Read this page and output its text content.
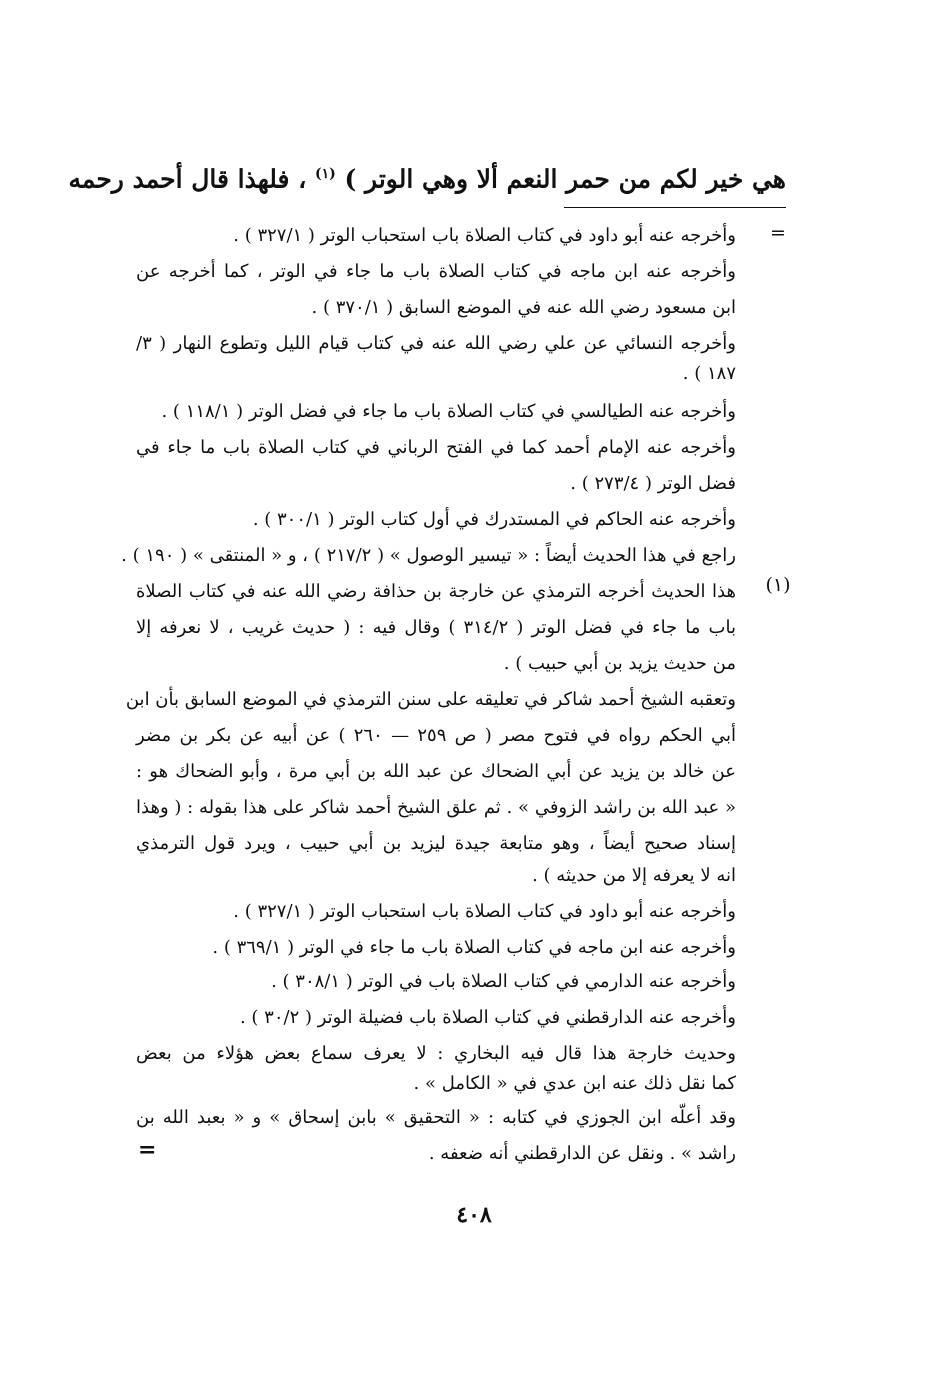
هي خير لكم من حمر النعم ألا وهي الوتر ) $^{(١)}$ ، فلهذا قال أحمد رحمه
=
وأخرجه عنه أبو داود في كتاب الصلاة باب استحباب الوتر ( ٣٢٧/١ ) .
وأخرجه عنه ابن ماجه في كتاب الصلاة باب ما جاء في الوتر ، كما أخرجه عن
ابن مسعود رضي الله عنه في الموضع السابق ( ٣٧٠/١ ) .
وأخرجه النسائي عن علي رضي الله عنه في كتاب قيام الليل وتطوع النهار ( ٣/
١٨٧ ) .
وأخرجه عنه الطيالسي في كتاب الصلاة باب ما جاء في فضل الوتر ( ١١٨/١ ) .
وأخرجه عنه الإمام أحمد كما في الفتح الرباني في كتاب الصلاة باب ما جاء في
فضل الوتر ( ٢٧٣/٤ ) .
وأخرجه عنه الحاكم في المستدرك في أول كتاب الوتر ( ٣٠٠/١ ) .
راجع في هذا الحديث أيضاً : « تيسير الوصول » ( ٢١٧/٢ ) ، و « المنتقى » ( ١٩٠ ) .
(١)
هذا الحديث أخرجه الترمذي عن خارجة بن حذافة رضي الله عنه في كتاب الصلاة
باب ما جاء في فضل الوتر ( ٣١٤/٢ ) وقال فيه : ( حديث غريب ، لا نعرفه إلا
من حديث يزيد بن أبي حبيب ) .
وتعقبه الشيخ أحمد شاكر في تعليقه على سنن الترمذي في الموضع السابق بأن ابن
أبي الحكم رواه في فتوح مصر ( ص ٢٥٩ — ٢٦٠ ) عن أبيه عن بكر بن مضر
عن خالد بن يزيد عن أبي الضحاك عن عبد الله بن أبي مرة ، وأبو الضحاك هو :
« عبد الله بن راشد الزوفي » . ثم علق الشيخ أحمد شاكر على هذا بقوله : ( وهذا
إسناد صحيح أيضاً ، وهو متابعة جيدة ليزيد بن أبي حبيب ، ويرد قول الترمذي
انه لا يعرفه إلا من حديثه ) .
وأخرجه عنه أبو داود في كتاب الصلاة باب استحباب الوتر ( ٣٢٧/١ ) .
وأخرجه عنه ابن ماجه في كتاب الصلاة باب ما جاء في الوتر ( ٣٦٩/١ ) .
وأخرجه عنه الدارمي في كتاب الصلاة باب في الوتر ( ٣٠٨/١ ) .
وأخرجه عنه الدارقطني في كتاب الصلاة باب فضيلة الوتر ( ٣٠/٢ ) .
وحديث خارجة هذا قال فيه البخاري : لا يعرف سماع بعض هؤلاء من بعض
كما نقل ذلك عنه ابن عدي في « الكامل » .
وقد أعلّه ابن الجوزي في كتابه : « التحقيق » بابن إسحاق » و « بعبد الله بن
راشد » . ونقل عن الدارقطني أنه ضعفه .
=
٤٠٨
